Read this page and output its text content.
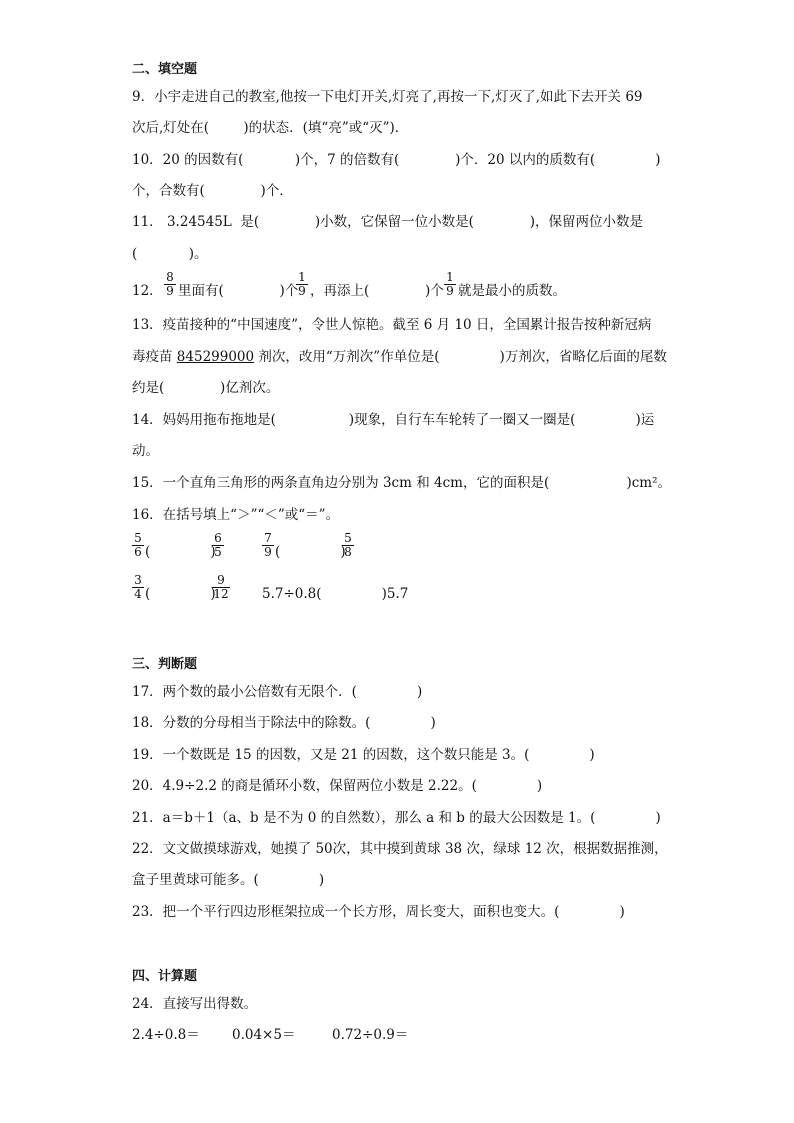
二、填空题
9．小宇走进自己的教室,他按一下电灯开关,灯亮了,再按一下,灯灭了,如此下去开关 69
次后,灯处在(        )的状态．(填“亮”或“灭”)．
10．20 的因数有(            )个，7 的倍数有(             )个．20 以内的质数有(              )
个，合数有(             )个．
11． 3.24545L  是(             )小数，它保留一位小数是(             )，保留两位小数是
(            )。
12． $\frac{8}{9}$ 里面有(             )个
$\frac{1}{9}$ ，再添上(             )个 $\frac{1}{9}$ 就是最小的质数。
13．疫苗接种的“中国速度”，令世人惊艳。截至 6 月 10 日，全国累计报告按种新冠病
毒疫苗 845299000 剂次，改用“万剂次”作单位是(              )万剂次，省略亿后面的尾数
约是(             )亿剂次。
14．妈妈用拖布拖地是(                 )现象，自行车车轮转了一圈又一圈是(              )运
动。
15．一个直角三角形的两条直角边分别为 3cm 和 4cm，它的面积是(                  )cm²。
16．在括号填上“＞”“＜”或“＝”。
$\frac{5}{6}$ (              )
$\frac{6}{5}$	$\frac{7}{9}$ (              )
$\frac{5}{8}$
$\frac{3}{4}$ (              )
$\frac{9}{12} 5.7\div 0.8$(              )5.7
三、判断题
17．两个数的最小公倍数有无限个．(              )
18．分数的分母相当于除法中的除数。(              )
19．一个数既是 15 的因数，又是 21 的因数，这个数只能是 3。(              )
20．4.9÷2.2 的商是循环小数，保留两位小数是 2.22。(              )
21．a＝b＋1（a、b 是不为 0 的自然数），那么 a 和 b 的最大公因数是 1。(              )
22．文文做摸球游戏，她摸了 50次，其中摸到黄球 38 次，绿球 12 次，根据数据推测，
盒子里黄球可能多。(              )
23．把一个平行四边形框架拉成一个长方形，周长变大，面积也变大。(              )
四、计算题
24．直接写出得数。
2.4÷0.8＝ 0.04×5＝	0.72÷0.9＝
